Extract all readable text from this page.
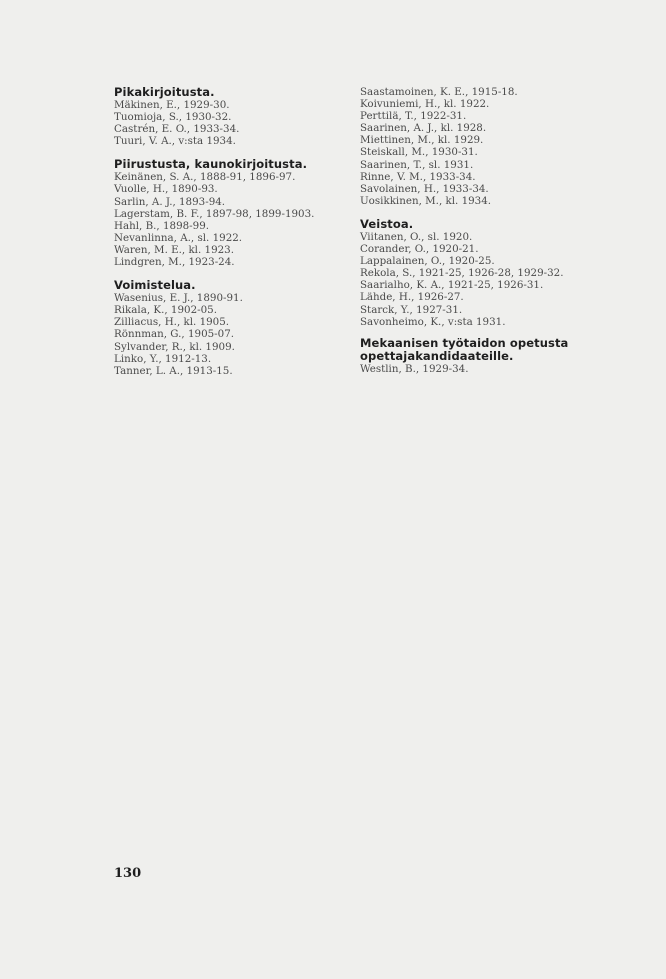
Pikakirjoitusta.
Mäkinen, E., 1929-30.
Tuomioja, S., 1930-32.
Castrén, E. O., 1933-34.
Tuuri, V. A., v:sta 1934.
Piirustusta, kaunokirjoitusta.
Keinänen, S. A., 1888-91, 1896-97.
Vuolle, H., 1890-93.
Sarlin, A. J., 1893-94.
Lagerstam, B. F., 1897-98, 1899-1903.
Hahl, B., 1898-99.
Nevanlinna, A., sl. 1922.
Waren, M. E., kl. 1923.
Lindgren, M., 1923-24.
Voimistelua.
Wasenius, E. J., 1890-91.
Rikala, K., 1902-05.
Zilliacus, H., kl. 1905.
Rönnman, G., 1905-07.
Sylvander, R., kl. 1909.
Linko, Y., 1912-13.
Tanner, L. A., 1913-15.
Saastamoinen, K. E., 1915-18.
Koivuniemi, H., kl. 1922.
Perttilä, T., 1922-31.
Saarinen, A. J., kl. 1928.
Miettinen, M., kl. 1929.
Steiskall, M., 1930-31.
Saarinen, T., sl. 1931.
Rinne, V. M., 1933-34.
Savolainen, H., 1933-34.
Uosikkinen, M., kl. 1934.
Veistoa.
Viitanen, O., sl. 1920.
Corander, O., 1920-21.
Lappalainen, O., 1920-25.
Rekola, S., 1921-25, 1926-28, 1929-32.
Saarialho, K. A., 1921-25, 1926-31.
Lähde, H., 1926-27.
Starck, Y., 1927-31.
Savonheimo, K., v:sta 1931.
Mekaanisen työtaidon opetusta
opettajakandidaateille.
Westlin, B., 1929-34.
130
